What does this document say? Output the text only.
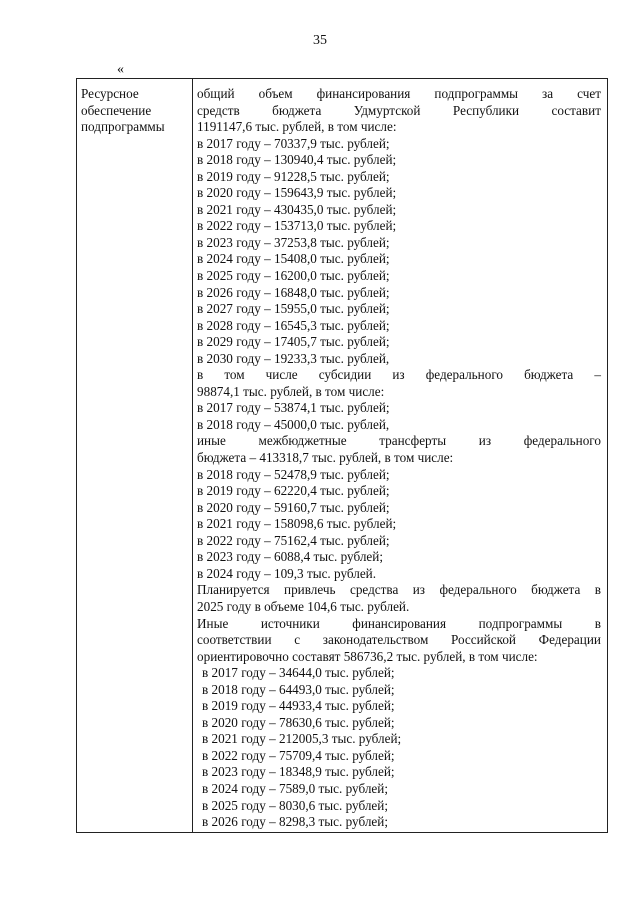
35
«
Ресурсное
обеспечение
подпрограммы
общий объем финансирования подпрограммы за счет
средств бюджета Удмуртской Республики составит
1191147,6 тыс. рублей, в том числе:
в 2017 году – 70337,9 тыс. рублей;
в 2018 году – 130940,4 тыс. рублей;
в 2019 году – 91228,5 тыс. рублей;
в 2020 году – 159643,9 тыс. рублей;
в 2021 году – 430435,0 тыс. рублей;
в 2022 году – 153713,0 тыс. рублей;
в 2023 году – 37253,8 тыс. рублей;
в 2024 году – 15408,0 тыс. рублей;
в 2025 году – 16200,0 тыс. рублей;
в 2026 году – 16848,0 тыс. рублей;
в 2027 году – 15955,0 тыс. рублей;
в 2028 году – 16545,3 тыс. рублей;
в 2029 году – 17405,7 тыс. рублей;
в 2030 году – 19233,3 тыс. рублей,
в том числе субсидии из федерального бюджета –
98874,1 тыс. рублей, в том числе:
в 2017 году – 53874,1 тыс. рублей;
в 2018 году – 45000,0 тыс. рублей,
иные межбюджетные трансферты из федерального
бюджета – 413318,7 тыс. рублей, в том числе:
в 2018 году – 52478,9 тыс. рублей;
в 2019 году – 62220,4 тыс. рублей;
в 2020 году – 59160,7 тыс. рублей;
в 2021 году – 158098,6 тыс. рублей;
в 2022 году – 75162,4 тыс. рублей;
в 2023 году – 6088,4 тыс. рублей;
в 2024 году – 109,3 тыс. рублей.
Планируется привлечь средства из федерального бюджета в
2025 году в объеме 104,6 тыс. рублей.
Иные источники финансирования подпрограммы в
соответствии с законодательством Российской Федерации
ориентировочно составят 586736,2 тыс. рублей, в том числе:
в 2017 году – 34644,0 тыс. рублей;
в 2018 году – 64493,0 тыс. рублей;
в 2019 году – 44933,4 тыс. рублей;
в 2020 году – 78630,6 тыс. рублей;
в 2021 году – 212005,3 тыс. рублей;
в 2022 году – 75709,4 тыс. рублей;
в 2023 году – 18348,9 тыс. рублей;
в 2024 году – 7589,0 тыс. рублей;
в 2025 году – 8030,6 тыс. рублей;
в 2026 году – 8298,3 тыс. рублей;
